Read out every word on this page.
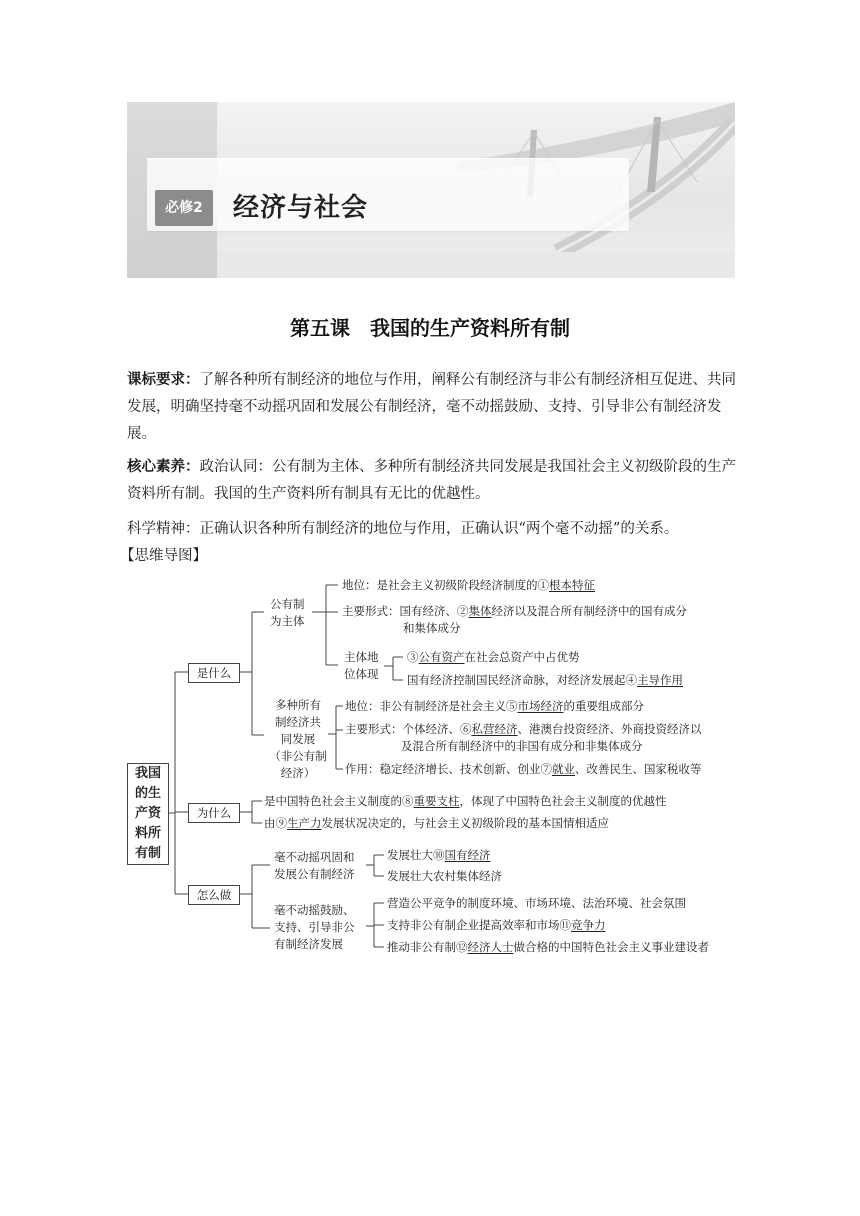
必修2	经济与社会
第五课　我国的生产资料所有制
课标要求：了解各种所有制经济的地位与作用，阐释公有制经济与非公有制经济相互促进、共同发展，明确坚持毫不动摇巩固和发展公有制经济，毫不动摇鼓励、支持、引导非公有制经济发展。
核心素养：政治认同：公有制为主体、多种所有制经济共同发展是我国社会主义初级阶段的生产资料所有制。我国的生产资料所有制具有无比的优越性。
科学精神：正确认识各种所有制经济的地位与作用，正确认识“两个毫不动摇”的关系。
【思维导图】
我国的生产资料所有制
是什么
为什么
怎么做
公有制
为主体
地位：是社会主义初级阶段经济制度的①根本特征
主要形式：国有经济、②集体经济以及混合所有制经济中的国有成分
和集体成分
主体地
位体现
③公有资产在社会总资产中占优势
国有经济控制国民经济命脉，对经济发展起④主导作用
多种所有
制经济共
同发展
（非公有制
经济）
地位：非公有制经济是社会主义⑤市场经济的重要组成部分
主要形式：个体经济、⑥私营经济、港澳台投资经济、外商投资经济以
及混合所有制经济中的非国有成分和非集体成分
作用：稳定经济增长、技术创新、创业⑦就业、改善民生、国家税收等
是中国特色社会主义制度的⑧重要支柱，体现了中国特色社会主义制度的优越性
由⑨生产力发展状况决定的，与社会主义初级阶段的基本国情相适应
毫不动摇巩固和
发展公有制经济
发展壮大⑩国有经济
发展壮大农村集体经济
毫不动摇鼓励、
支持、引导非公
有制经济发展
营造公平竞争的制度环境、市场环境、法治环境、社会氛围
支持非公有制企业提高效率和市场⑪竞争力
推动非公有制⑫经济人士做合格的中国特色社会主义事业建设者
